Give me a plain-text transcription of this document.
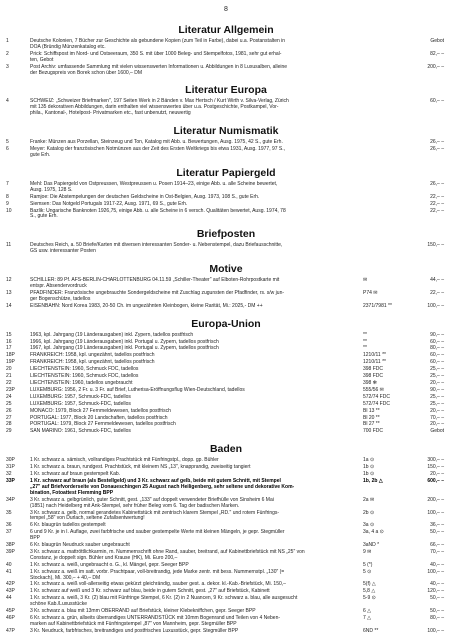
8
Literatur Allgemein
1	Deutsche Kolonien, 7 Bücher zur Geschichte als gebundene Kopien (zum Teil in Farbe), dabei u.a. Postanstalten in
DOA (Bründig Münzenkatalog etc.
Gebot
2	Prick: Schiffspost im Nord- und Ostseeraum, 350 S. mit über 1000 Beleg- und Stempelfotos, 1981, sehr gut erhal-
ten, Gebot
82,– –
3	Post Archiv: umfassende Sammlung mit vielen wissenswerten Informationen u. Abbildungen in 8 Luxusalben, alleine
der Bezugspreis von Borek schon über 1600,– DM
200,– –
Literatur Europa
4	SCHWEIZ: „Schweizer Briefmarken", 197 Seiten Werk in 2 Bänden v. Max Hertsch / Kurt Wirth v. Silva-Verlag, Zürich
mit 135 dekorativen Abbildungen, darin enthalten viel wissenswertes über u.a. Postgeschichte, Postkampel, Vor-
phila., Kantonal-, Hotelpost- Privatmarken etc., fast unbenutzt, neuwertig
60,– –
Literatur Numismatik
5	Franke: Münzen aus Porzellan, Steinzeug und Ton, Katalog mit Abb. u. Bewertungen, Ausg. 1975, 42 S., gute Erh.	26,– –
6	Meyer: Katalog der französischen Notmünzen aus der Zeit des Ersten Weltkriegs bis etwa 1931, Ausg. 1977, 97 S.,
gute Erh.
26,– –
Literatur Papiergeld
7	Mehl: Das Papiergeld von Ostpreussen, Westpreussen u. Posen 1914–23, einige Abb. u. alle Scheine bewertet,
Ausg. 1975, 128 S.
26,– –
8	Ramjoe: Die Abstempelungen der deutschen Geldscheine in Ost-Belgien, Ausg. 1973, 108 S., gute Erh.	22,– –
9	Siemsen: Das Notgeld Portugals 1917-22, Ausg. 1971, 69 S., gute Erh.	22,– –
10	Bazlik: Ungarische Banknoten 1926,75, einige Abb. u. alle Scheine in 6 versch. Qualitäten bewertet, Ausg. 1974, 78
S., gute Erh.
22,– –
Briefposten
11	Deutsches Reich, a. 50 Briefe/Karten mit diversen interessanten Sonder- u. Nebenstempel, dazu Briefausschnitte,
GS usw. interessanter Posten
150,– –
Motive
12	SCHILLER: 89 Pf. AFS-BERLIN-CHARLOTTENBURG 04.11.59 „Schiller-Theater" auf Elboten-Rohrpostkarte mit
entspr. Absendervordruck
✉	44,– –
13	PFADFINDER: Französische ungebrauchte Sondergeldscheine mit Zuschlag zugunsten der Pfadfinder, rs. s/w jun-
ger Bogenschütze, tadellos
P74 ✉	22,– –
14	EISENBAHN: Nord Korea 1983, 20-50 Ch. im ungezähnten Kleinbogen, kleine Rarität, Mi.: 2025,- DM ++	2371/7981 **	100,– –
Europa-Union
15	1963, kpl. Jahrgang (19 Länderausgaben) inkl. Zypern, tadellos postfrisch	**	90,– –
16	1966, kpl. Jahrgang (19 Länderausgaben) inkl. Portugal u. Zypern, tadellos postfrisch	**	60,– –
17	1967, kpl. Jahrgang (19 Länderausgaben) inkl. Portugal u. Zypern, tadellos postfrisch	**	80,– –
18P	FRANKREICH: 1958, kpl. ungezähnt, tadellos postfrisch	1210/11 **	60,– –
19P	FRANKREICH: 1958, kpl. ungezähnt, tadellos postfrisch	1210/11 **	60,– –
20	LIECHTENSTEIN: 1960, Schmuck FDC, tadellos	398 FDC	25,– –
21	LIECHTENSTEIN: 1960, Schmuck FDC, tadellos	398 FDC	25,– –
22	LIECHTENSTEIN: 1960, tadellos ungebraucht	398 ✻	20,– –
23P	LUXEMBURG: 1956, 2 Fr. u. 3 Fr. auf Brief, Lutherisa-Eröffnungsflug Wien-Deutschland, tadellos	555/56 ✉	90,– –
24	LUXEMBURG: 1957, Schmuck-FDC, tadellos	572/74 FDC	25,– –
25	LUXEMBURG: 1957, Schmuck-FDC, tadellos	572/74 FDC	25,– –
26	MONACO: 1979, Block 27 Fernmeldewesen, tadellos postfrisch	Bl 13 **	20,– –
27	PORTUGAL: 1977, Block 20 Landschaften, tadellos postfrisch	Bl 20 **	70,– –
28	PORTUGAL: 1979, Block 27 Fernmeldewesen, tadellos postfrisch	Bl 27 **	20,– –
29	SAN MARINO: 1961, Schmuck-FDC, tadellos	700 FDC	Gebot
Baden
30P	1 Kr. schwarz a. sämisch, vollrandiges Prachtstück mit Fünfringstpl., dopp. gp. Bühler	1a ⊙	300,– –
31P	1 Kr. schwarz a. braun, rundgest. Prachtstück, mit kleinem NS „13", knapprandig, zweiseitig tangiert	1b ⊙	150,– –
32	1 Kr. schwarz auf braun gestempelt Kab.	1b ⊙	20,– –
33P	1 Kr. schwarz auf braun (als Bestellgeld) und 3 Kr. schwarz auf gelb, beide mit gutem Schnitt, mit Stempel
„27" auf Briefvorderseite von Donaueschingen 25 August nach Heiligenberg, sehr seltene und dekorative Kom-
bination, Fotoattest Flemming BPP
1b, 2b △	600,– –
34P	3 Kr. schwarz a. gelbgrünlich, guter Schnitt, gest. „133" auf doppelt verwendeter Briefhülle von Sinsheim 6 Mai
(1851) nach Heidelberg mit Ank-Stempel, sehr früher Beleg vom 6. Tag der badischen Marken.
2a ✉	200,– –
35	3 Kr. schwarz a. gelb, normal gerandetes Kabinettstück mit zentrisch klarem Stempel „RD." und rotem Fünfrings-
tempel „58" von Durlach, seltene Zufallsentwertung!
2b ⊙	100,– –
36	6 Kr. blaugrün tadellos gestempelt	3a ⊙	36,– –
37	6 und 9 Kr. je in I. Auflage, zwei farbfrische und sauber gestempelte Werte mit kleinen Mängeln, je gepr. Stegmüller
BPP
3a, 4 a ⊙	50,– –
38P	6 Kr. blaugrün Neudruck sauber ungebraucht	3aND *	66,– –
39P	3 Kr. schwarz a. mattröttlichkarmin, m. Nummernschrift ohne Rand, sauber, breitrand, auf Kabinettbriefstück mit NS „25" von
Constanz, je doppelt sign. Bühler und Krause (HK), Mi. Euro 200,–
9 ✉	70,– –
40	1 Kr. schwarz a. weiß, ungebraucht o. G., kl. Mängel, gepr. Seeger BPP	5 (*)	40,– –
41	1 Kr. schwarz a. weiß im satt. vorbr. Prachtpaar, voll-breitrandig, jede Marke zentr. mit bess. Nummernstpl. „130" (=
Stockach), Mi. 300,– + 40,– DM
5 ⊙	100,– –
42P	1 Kr. schwarz a. weiß voll-allerseitig etwas gekürzt gleichrändig, sauber gest. a. dekor. kl.-Kab.-Briefstück, Mi. 150,–	5(f) △	40,– –
43P	1 Kr. schwarz auf weiß und 3 Kr. schwarz auf blau, beide in gutem Schnitt, gest. „27" auf Briefstück, Kabinett	5,8 △	120,– –
44	1 Kr. schwarz a. weiß, 3 Kr. (2) blau mit Fünfringe Stempel, 6 Kr. (2) in 2 Nuancen, 9 Kr. schwarz a. blau, alle ausgesucht
schöne Kab./Luxusstücke
5-9 ⊙	50,– –
45P	3 Kr. schwarz a. blau mit 13mm OBERRAND auf Briefstück, kleiner Klebekniffchen, gepr. Seeger BPP	6 △	50,– –
46P	6 Kr. schwarz a. grün, allseits überrandiges UNTERRANDSTÜCK mit 10mm Bogenrand und Teilen von 4 Neben-
marken auf Kabinettbriefstück mit Fünfringstempel „87" von Mannheim, gepr. Stegmüller BPP
7 △	80,– –
47P	3 Kr. Neudruck, farbfrisches, breitrandiges und postfrisches Luxusstück, gepr. Stegmüller BPP	6ND **	100,– –
